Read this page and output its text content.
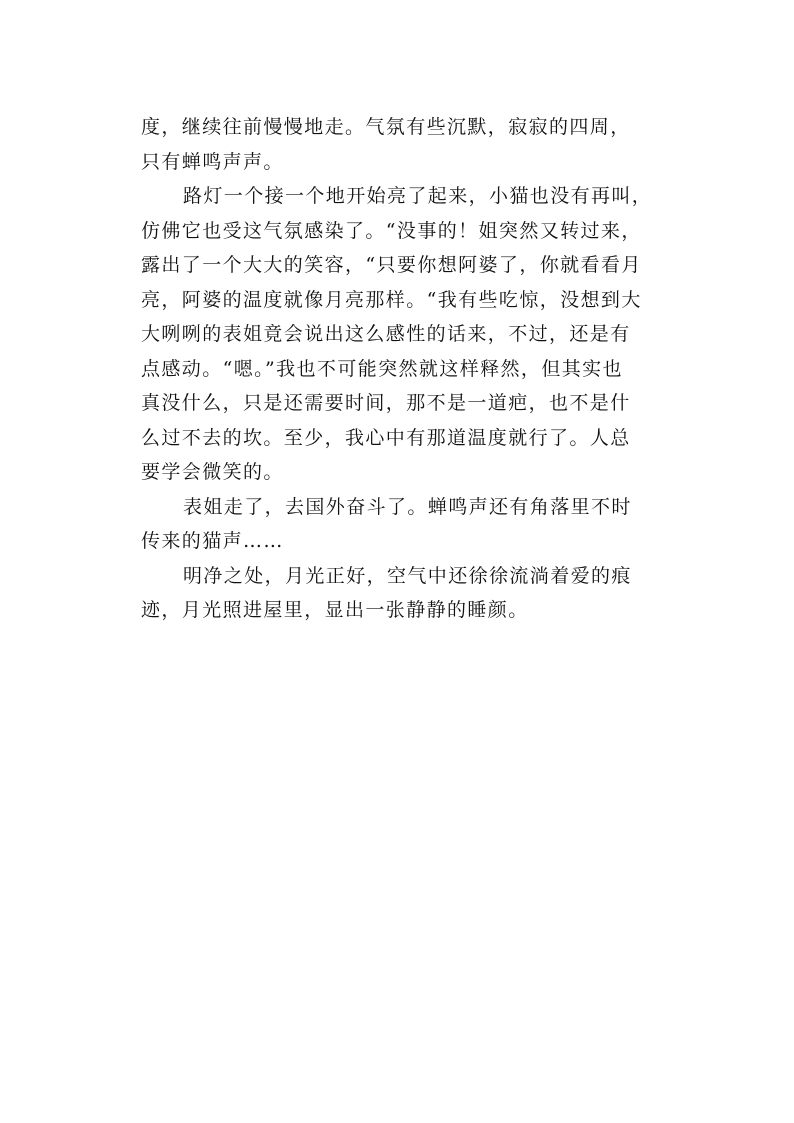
度，继续往前慢慢地走。气氛有些沉默，寂寂的四周，
只有蝉鸣声声。
路灯一个接一个地开始亮了起来，小猫也没有再叫，
仿佛它也受这气氛感染了。“没事的！姐突然又转过来，
露出了一个大大的笑容，“只要你想阿婆了，你就看看月
亮，阿婆的温度就像月亮那样。“我有些吃惊，没想到大
大咧咧的表姐竟会说出这么感性的话来，不过，还是有
点感动。“嗯。”我也不可能突然就这样释然，但其实也
真没什么，只是还需要时间，那不是一道疤，也不是什
么过不去的坎。至少，我心中有那道温度就行了。人总
要学会微笑的。
表姐走了，去国外奋斗了。蝉鸣声还有角落里不时
传来的猫声……
明净之处，月光正好，空气中还徐徐流淌着爱的痕
迹，月光照进屋里，显出一张静静的睡颜。
